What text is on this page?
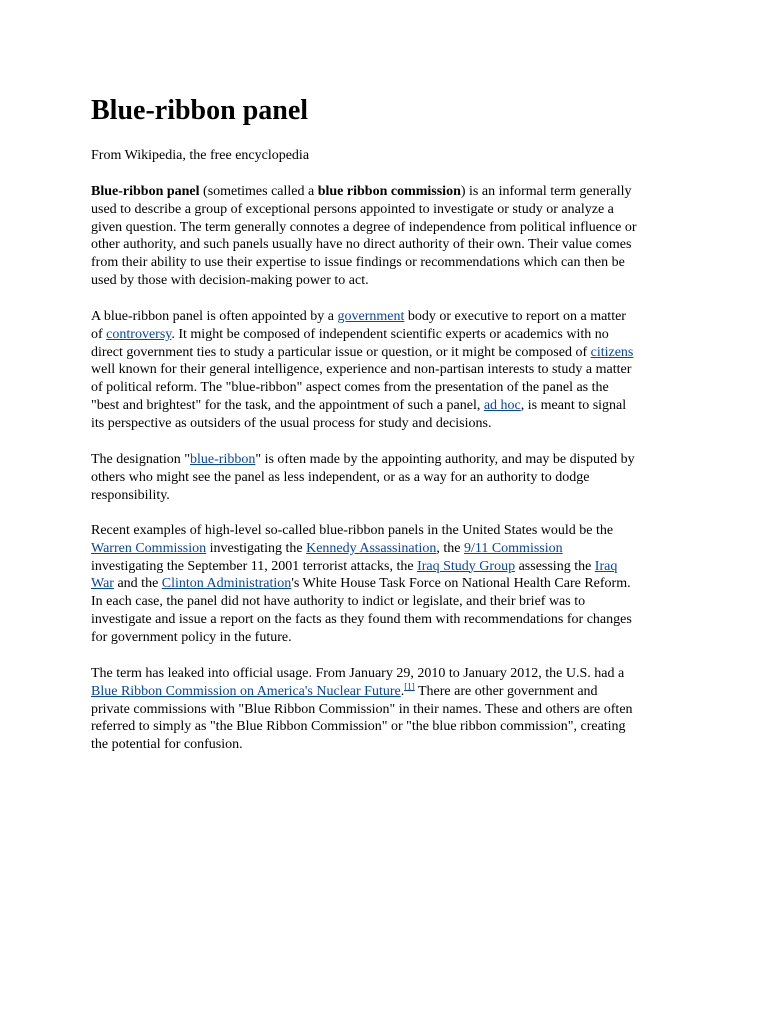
Blue-ribbon panel

From Wikipedia, the free encyclopedia

Blue-ribbon panel (sometimes called a blue ribbon commission) is an informal term generally
used to describe a group of exceptional persons appointed to investigate or study or analyze a
given question. The term generally connotes a degree of independence from political influence or
other authority, and such panels usually have no direct authority of their own. Their value comes
from their ability to use their expertise to issue findings or recommendations which can then be
used by those with decision-making power to act.

A blue-ribbon panel is often appointed by a government body or executive to report on a matter
of controversy. It might be composed of independent scientific experts or academics with no
direct government ties to study a particular issue or question, or it might be composed of citizens
well known for their general intelligence, experience and non-partisan interests to study a matter
of political reform. The "blue-ribbon" aspect comes from the presentation of the panel as the
"best and brightest" for the task, and the appointment of such a panel, ad hoc, is meant to signal
its perspective as outsiders of the usual process for study and decisions.

The designation "blue-ribbon" is often made by the appointing authority, and may be disputed by
others who might see the panel as less independent, or as a way for an authority to dodge
responsibility.

Recent examples of high-level so-called blue-ribbon panels in the United States would be the
Warren Commission investigating the Kennedy Assassination, the 9/11 Commission
investigating the September 11, 2001 terrorist attacks, the Iraq Study Group assessing the Iraq
War and the Clinton Administration's White House Task Force on National Health Care Reform.
In each case, the panel did not have authority to indict or legislate, and their brief was to
investigate and issue a report on the facts as they found them with recommendations for changes
for government policy in the future.

The term has leaked into official usage. From January 29, 2010 to January 2012, the U.S. had a
Blue Ribbon Commission on America's Nuclear Future.[1] There are other government and
private commissions with "Blue Ribbon Commission" in their names. These and others are often
referred to simply as "the Blue Ribbon Commission" or "the blue ribbon commission", creating
the potential for confusion.
